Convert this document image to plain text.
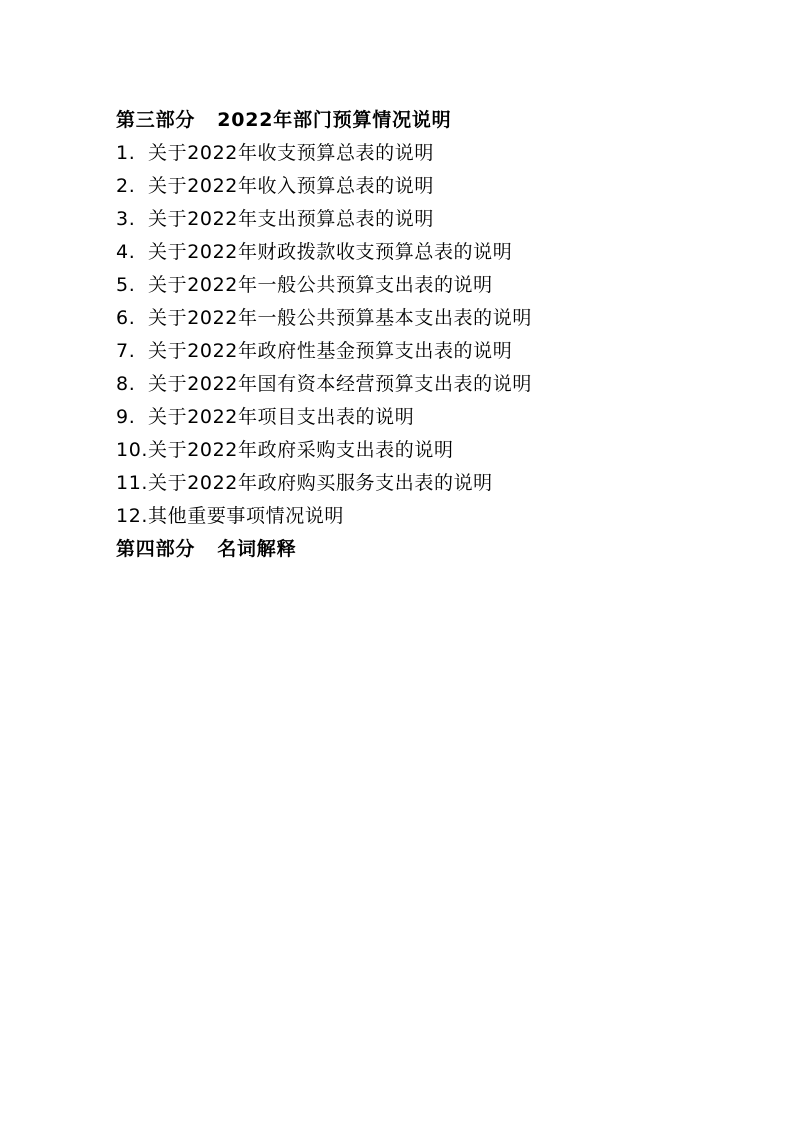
第三部分 2022年部门预算情况说明
1. 关于2022年收支预算总表的说明
2. 关于2022年收入预算总表的说明
3. 关于2022年支出预算总表的说明
4. 关于2022年财政拨款收支预算总表的说明
5. 关于2022年一般公共预算支出表的说明
6. 关于2022年一般公共预算基本支出表的说明
7. 关于2022年政府性基金预算支出表的说明
8. 关于2022年国有资本经营预算支出表的说明
9. 关于2022年项目支出表的说明
10.关于2022年政府采购支出表的说明
11.关于2022年政府购买服务支出表的说明
12.其他重要事项情况说明
第四部分 名词解释
